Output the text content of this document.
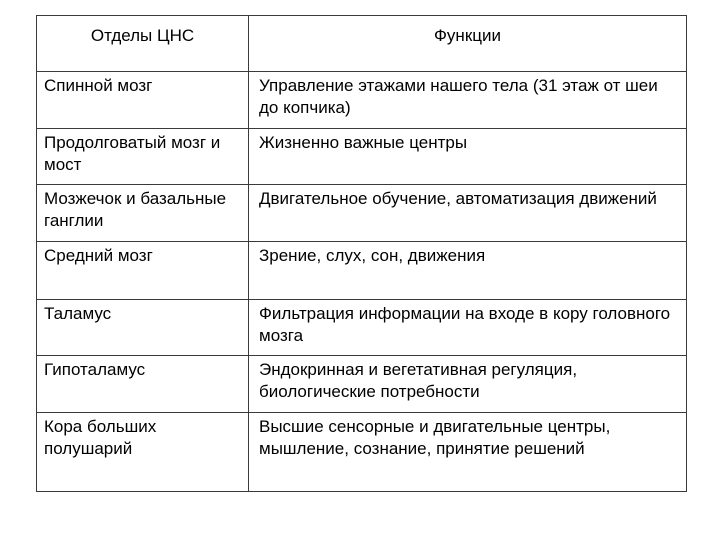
Отделы ЦНС	Функции
Спинной мозг	Управление этажами нашего тела (31 этаж от шеи до копчика)
Продолговатый мозг и мост	Жизненно важные центры
Мозжечок и базальные ганглии	Двигательное обучение, автоматизация движений
Средний мозг	Зрение, слух, сон, движения
Таламус	Фильтрация информации на входе в кору головного мозга
Гипоталамус	Эндокринная и вегетативная регуляция, биологические потребности
Кора больших полушарий	Высшие сенсорные и двигательные центры, мышление, сознание, принятие решений
